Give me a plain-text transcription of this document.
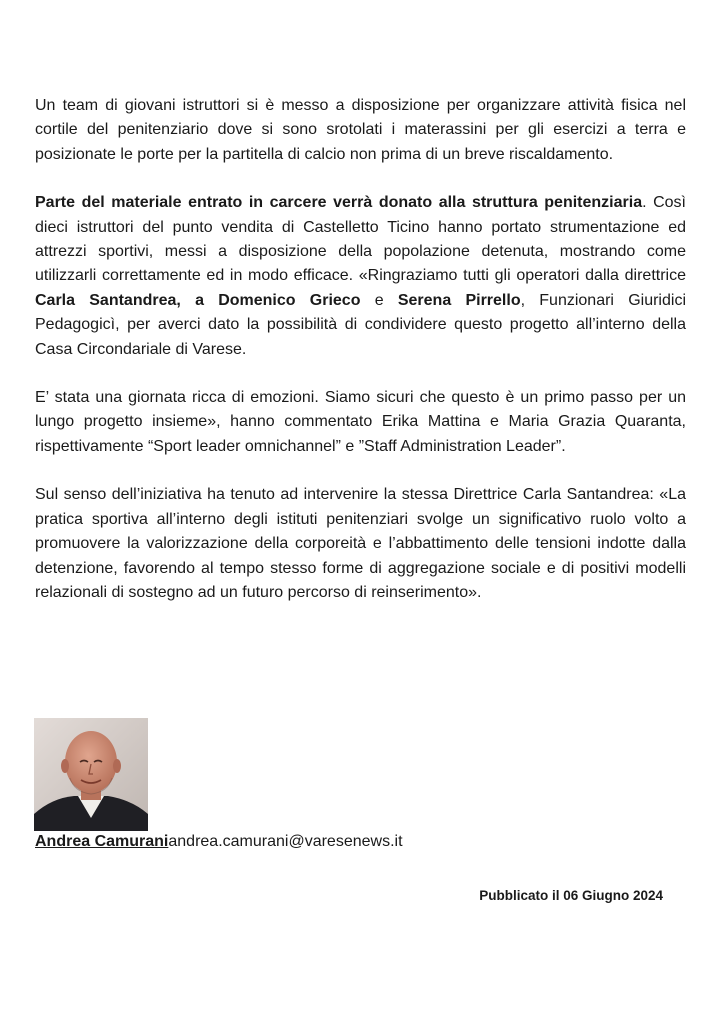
Un team di giovani istruttori si è messo a disposizione per organizzare attività fisica nel cortile del penitenziario dove si sono srotolati i materassini per gli esercizi a terra e posizionate le porte per la partitella di calcio non prima di un breve riscaldamento.

Parte del materiale entrato in carcere verrà donato alla struttura penitenziaria. Così dieci istruttori del punto vendita di Castelletto Ticino hanno portato strumentazione ed attrezzi sportivi, messi a disposizione della popolazione detenuta, mostrando come utilizzarli correttamente ed in modo efficace. «Ringraziamo tutti gli operatori dalla direttrice Carla Santandrea, a Domenico Grieco e Serena Pirrello, Funzionari Giuridici Pedagogicì, per averci dato la possibilità di condividere questo progetto all’interno della Casa Circondariale di Varese.

E’ stata una giornata ricca di emozioni. Siamo sicuri che questo è un primo passo per un lungo progetto insieme», hanno commentato Erika Mattina e Maria Grazia Quaranta, rispettivamente “Sport leader omnichannel” e ”Staff Administration Leader”.

Sul senso dell’iniziativa ha tenuto ad intervenire la stessa Direttrice Carla Santandrea: «La pratica sportiva all’interno degli istituti penitenziari svolge un significativo ruolo volto a promuovere la valorizzazione della corporeità e l’abbattimento delle tensioni indotte dalla detenzione, favorendo al tempo stesso forme di aggregazione sociale e di positivi modelli relazionali di sostegno ad un futuro percorso di reinserimento».

Andrea Camuraniandrea.camurani@varesenews.it
Pubblicato il 06 Giugno 2024
